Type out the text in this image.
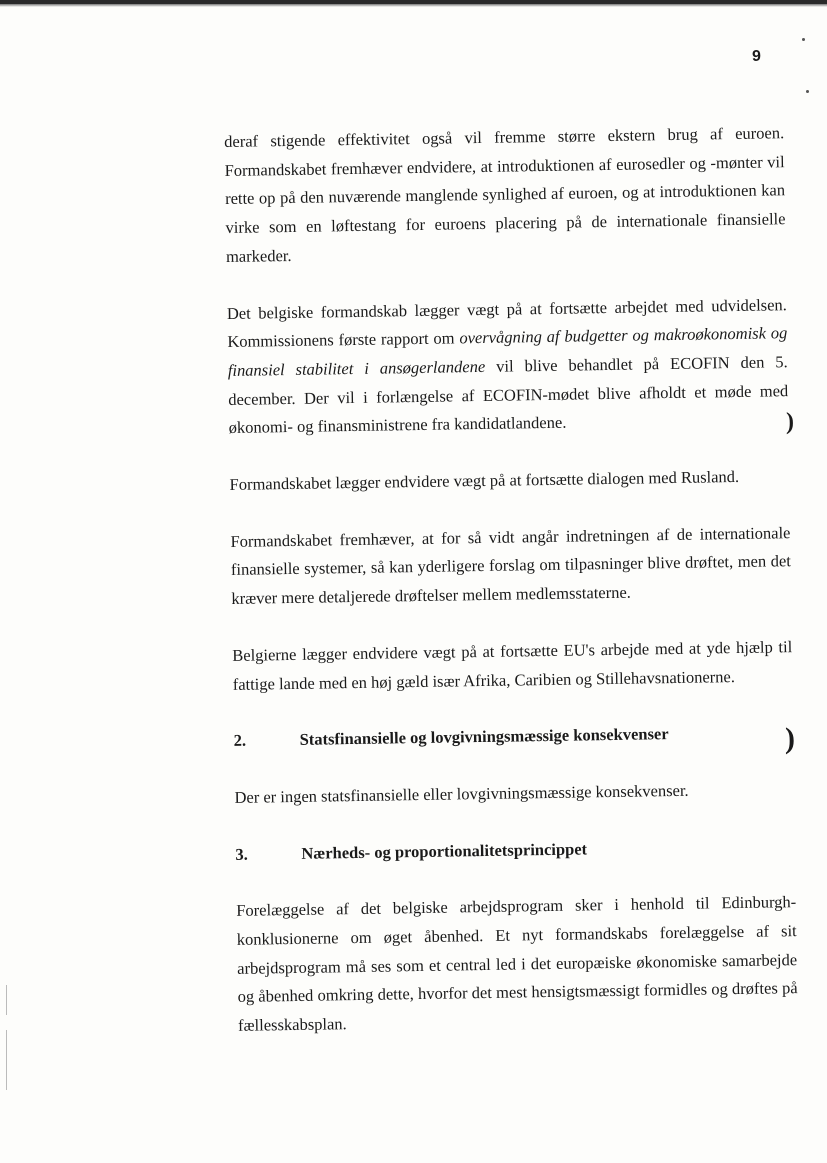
9

deraf stigende effektivitet også vil fremme større ekstern brug af euroen. Formandskabet fremhæver endvidere, at introduktionen af eurosedler og -mønter vil rette op på den nuværende manglende synlighed af euroen, og at introduktionen kan virke som en løftestang for euroens placering på de internationale finansielle markeder.

Det belgiske formandskab lægger vægt på at fortsætte arbejdet med udvidelsen. Kommissionens første rapport om overvågning af budgetter og makroøkonomisk og finansiel stabilitet i ansøgerlandene vil blive behandlet på ECOFIN den 5. december. Der vil i forlængelse af ECOFIN-mødet blive afholdt et møde med økonomi- og finansministrene fra kandidatlandene.

Formandskabet lægger endvidere vægt på at fortsætte dialogen med Rusland.

Formandskabet fremhæver, at for så vidt angår indretningen af de internationale finansielle systemer, så kan yderligere forslag om tilpasninger blive drøftet, men det kræver mere detaljerede drøftelser mellem medlemsstaterne.

Belgierne lægger endvidere vægt på at fortsætte EU's arbejde med at yde hjælp til fattige lande med en høj gæld især Afrika, Caribien og Stillehavsnationerne.

2.	Statsfinansielle og lovgivningsmæssige konsekvenser

Der er ingen statsfinansielle eller lovgivningsmæssige konsekvenser.

3.	Nærheds- og proportionalitetsprincippet

Forelæggelse af det belgiske arbejdsprogram sker i henhold til Edinburgh-konklusionerne om øget åbenhed. Et nyt formandskabs forelæggelse af sit arbejdsprogram må ses som et central led i det europæiske økonomiske samarbejde og åbenhed omkring dette, hvorfor det mest hensigtsmæssigt formidles og drøftes på fællesskabsplan.

)
)
